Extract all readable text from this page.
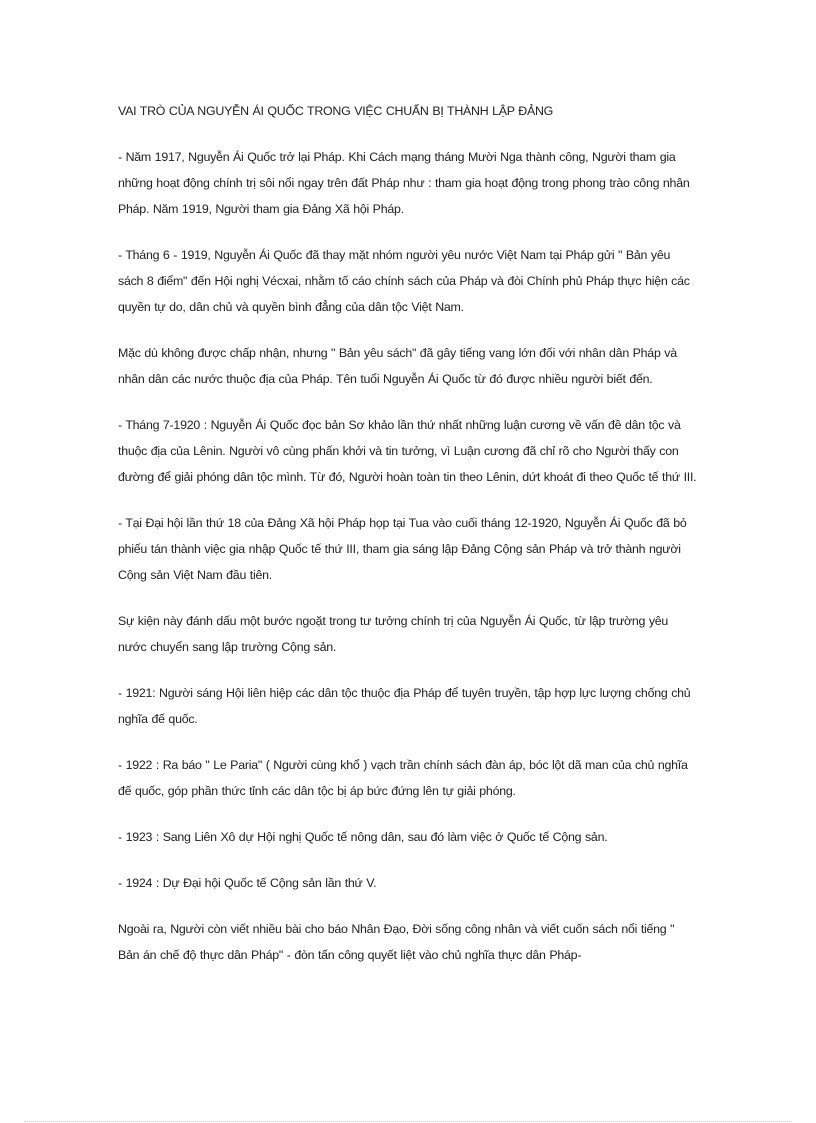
VAI TRÒ CỦA NGUYỄN ÁI QUỐC TRONG VIỆC CHUẨN BỊ THÀNH LẬP ĐẢNG

- Năm 1917, Nguyễn Ái Quốc trở lại Pháp. Khi Cách mạng tháng Mười Nga thành công, Người tham gia những hoạt động chính trị sôi nổi ngay trên đất Pháp như : tham gia hoạt động trong phong trào công nhân Pháp. Năm 1919, Người tham gia Đảng Xã hội Pháp.

- Tháng 6 - 1919, Nguyễn Ái Quốc đã thay mặt nhóm người yêu nước Việt Nam tại Pháp gửi " Bản yêu sách 8 điểm" đến Hội nghị Vécxai, nhằm tố cáo chính sách của Pháp và đòi Chính phủ Pháp thực hiện các quyền tự do, dân chủ và quyền bình đẳng của dân tộc Việt Nam.

Mặc dù không được chấp nhận, nhưng " Bản yêu sách" đã gây tiếng vang lớn đối với nhân dân Pháp và nhân dân các nước thuộc địa của Pháp. Tên tuổi Nguyễn Ái Quốc từ đó được nhiều người biết đến.

- Tháng 7-1920 : Nguyễn Ái Quốc đọc bản Sơ khảo lần thứ nhất những luận cương về vấn đề dân tộc và thuộc địa của Lênin. Người vô cùng phấn khởi và tin tưởng, vì Luận cương đã chỉ rõ cho Người thấy con đường để giải phóng dân tộc mình. Từ đó, Người hoàn toàn tin theo Lênin, dứt khoát đi theo Quốc tế thứ III.

- Tại Đại hội lần thứ 18 của Đảng Xã hội Pháp họp tại Tua vào cuối tháng 12-1920, Nguyễn Ái Quốc đã bỏ phiếu tán thành việc gia nhập Quốc tế thứ III, tham gia sáng lập Đảng Cộng sản Pháp và trở thành người Cộng sản Việt Nam đầu tiên.

Sự kiện này đánh dấu một bước ngoặt trong tư tưởng chính trị của Nguyễn Ái Quốc, từ lập trường yêu nước chuyển sang lập trường Cộng sản.

- 1921: Người sáng Hội liên hiệp các dân tộc thuộc địa Pháp để tuyên truyền, tập hợp lực lượng chống chủ nghĩa đế quốc.

- 1922 : Ra báo " Le Paria" ( Người cùng khổ ) vạch trần chính sách đàn áp, bóc lột dã man của chủ nghĩa đế quốc, góp phần thức tỉnh các dân tộc bị áp bức đứng lên tự giải phóng.

- 1923 : Sang Liên Xô dự Hội nghị Quốc tế nông dân, sau đó làm việc ở Quốc tế Cộng sản.

- 1924 : Dự Đại hội Quốc tế Cộng sản lần thứ V.

Ngoài ra, Người còn viết nhiều bài cho báo Nhân Đạo, Đời sống công nhân và viết cuốn sách nổi tiếng " Bản án chế độ thực dân Pháp" - đòn tấn công quyết liệt vào chủ nghĩa thực dân Pháp-
